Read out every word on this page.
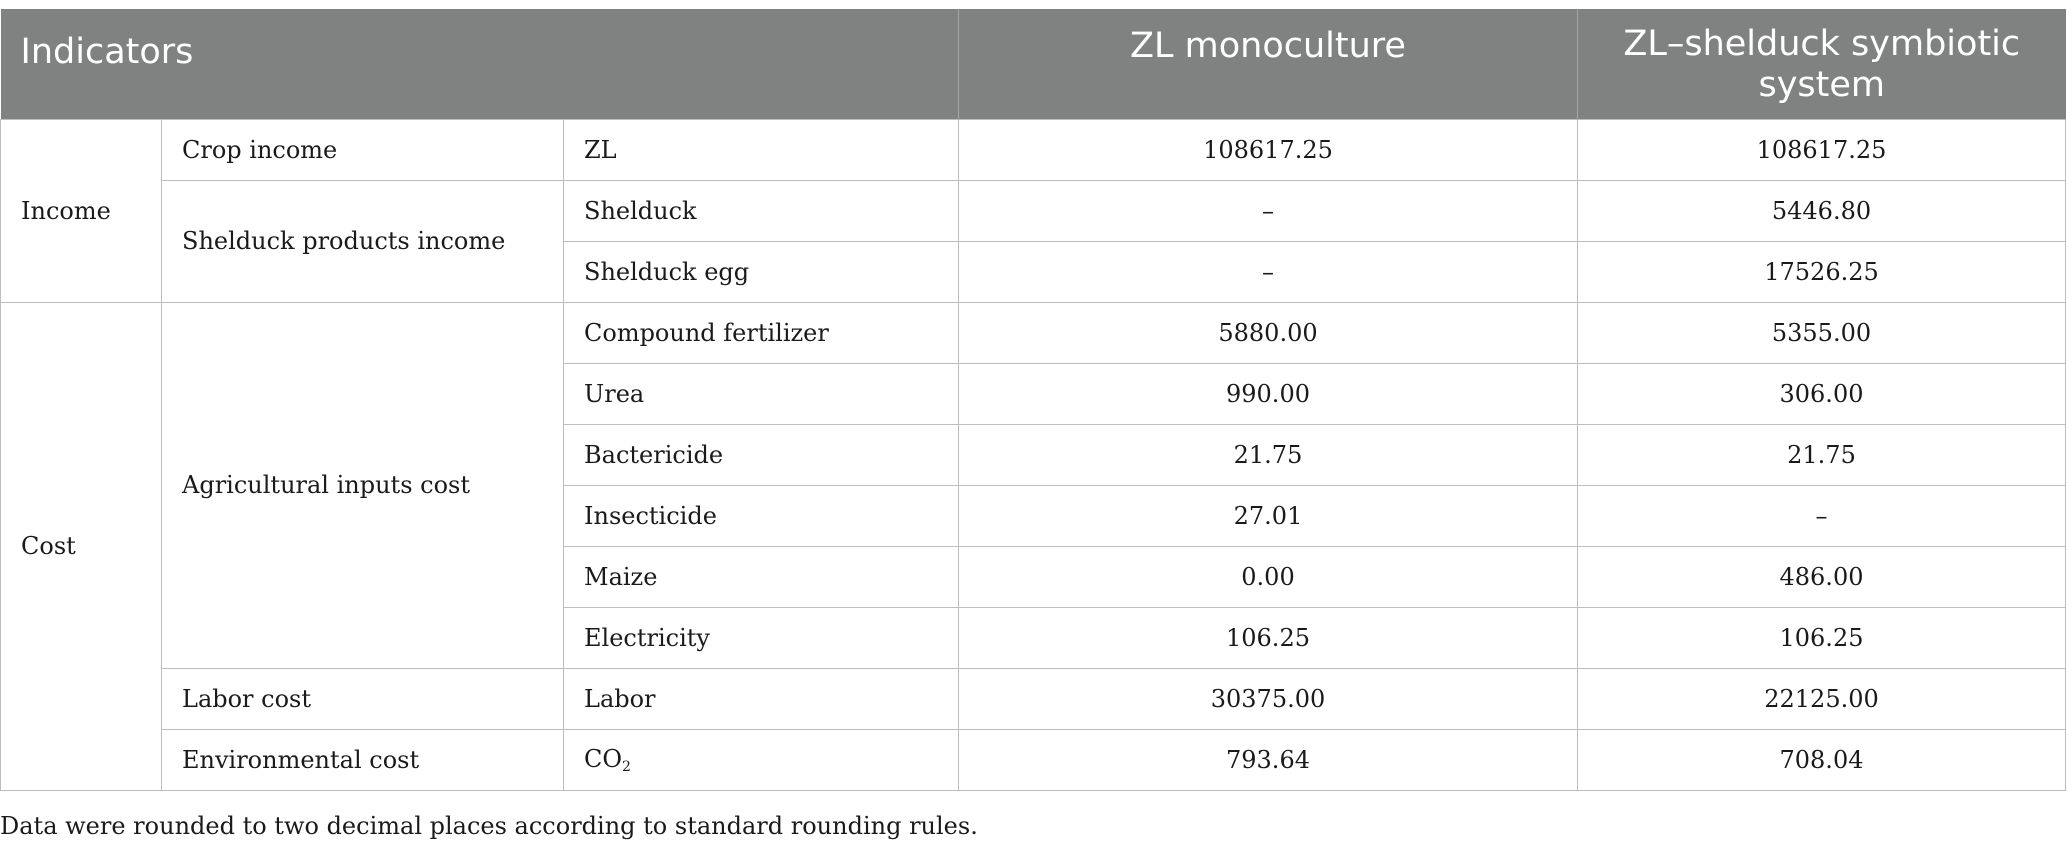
Indicators			ZL monoculture	ZL–shelduck symbiotic
system
Income	Crop income	ZL	108617.25	108617.25
	Shelduck products income	Shelduck	–	5446.80
		Shelduck egg	–	17526.25
Cost	Agricultural inputs cost	Compound fertilizer	5880.00	5355.00
		Urea	990.00	306.00
		Bactericide	21.75	21.75
		Insecticide	27.01	–
		Maize	0.00	486.00
		Electricity	106.25	106.25
	Labor cost	Labor	30375.00	22125.00
	Environmental cost	$CO_2$	793.64	708.04
Data were rounded to two decimal places according to standard rounding rules.
